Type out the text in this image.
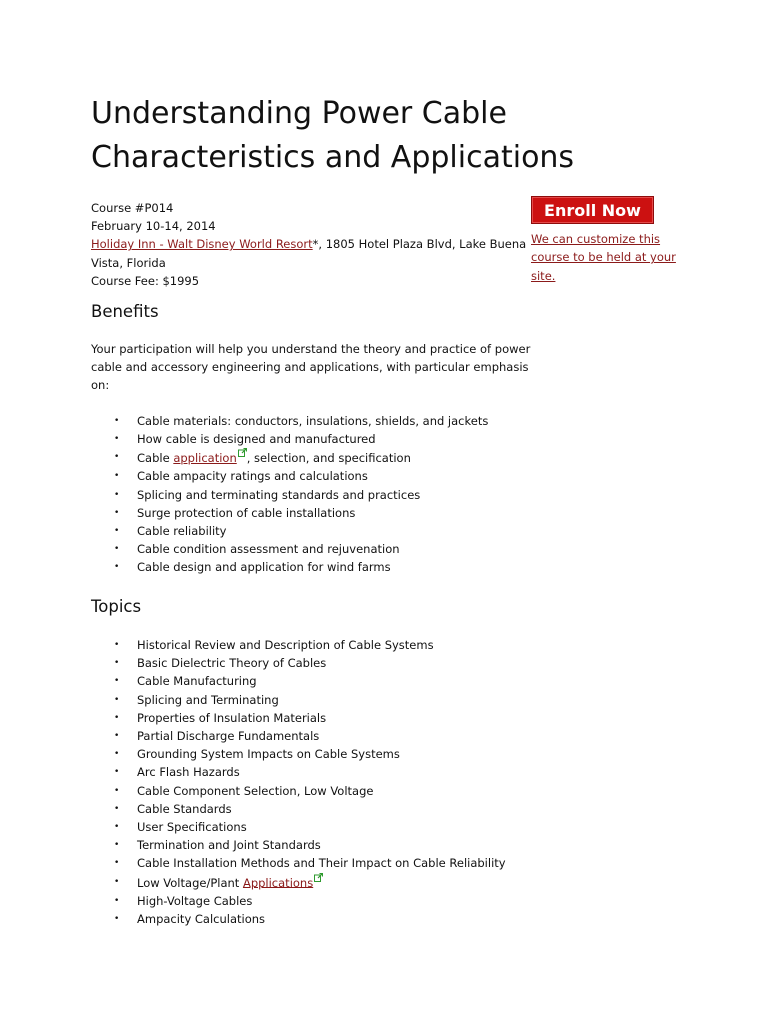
Understanding Power Cable
Characteristics and Applications
Course #P014
February 10-14, 2014
Holiday Inn - Walt Disney World Resort*, 1805 Hotel Plaza Blvd, Lake Buena
Vista, Florida
Course Fee: $1995
Enroll Now
We can customize this course to be held at your site.
Benefits

Your participation will help you understand the theory and practice of power cable and accessory engineering and applications, with particular emphasis on:

• Cable materials: conductors, insulations, shields, and jackets
• How cable is designed and manufactured
• Cable application , selection, and specification
• Cable ampacity ratings and calculations
• Splicing and terminating standards and practices
• Surge protection of cable installations
• Cable reliability
• Cable condition assessment and rejuvenation
• Cable design and application for wind farms
Topics
• Historical Review and Description of Cable Systems
• Basic Dielectric Theory of Cables
• Cable Manufacturing
• Splicing and Terminating
• Properties of Insulation Materials
• Partial Discharge Fundamentals
• Grounding System Impacts on Cable Systems
• Arc Flash Hazards
• Cable Component Selection, Low Voltage
• Cable Standards
• User Specifications
• Termination and Joint Standards
• Cable Installation Methods and Their Impact on Cable Reliability
• Low Voltage/Plant Applications
• High-Voltage Cables
• Ampacity Calculations
